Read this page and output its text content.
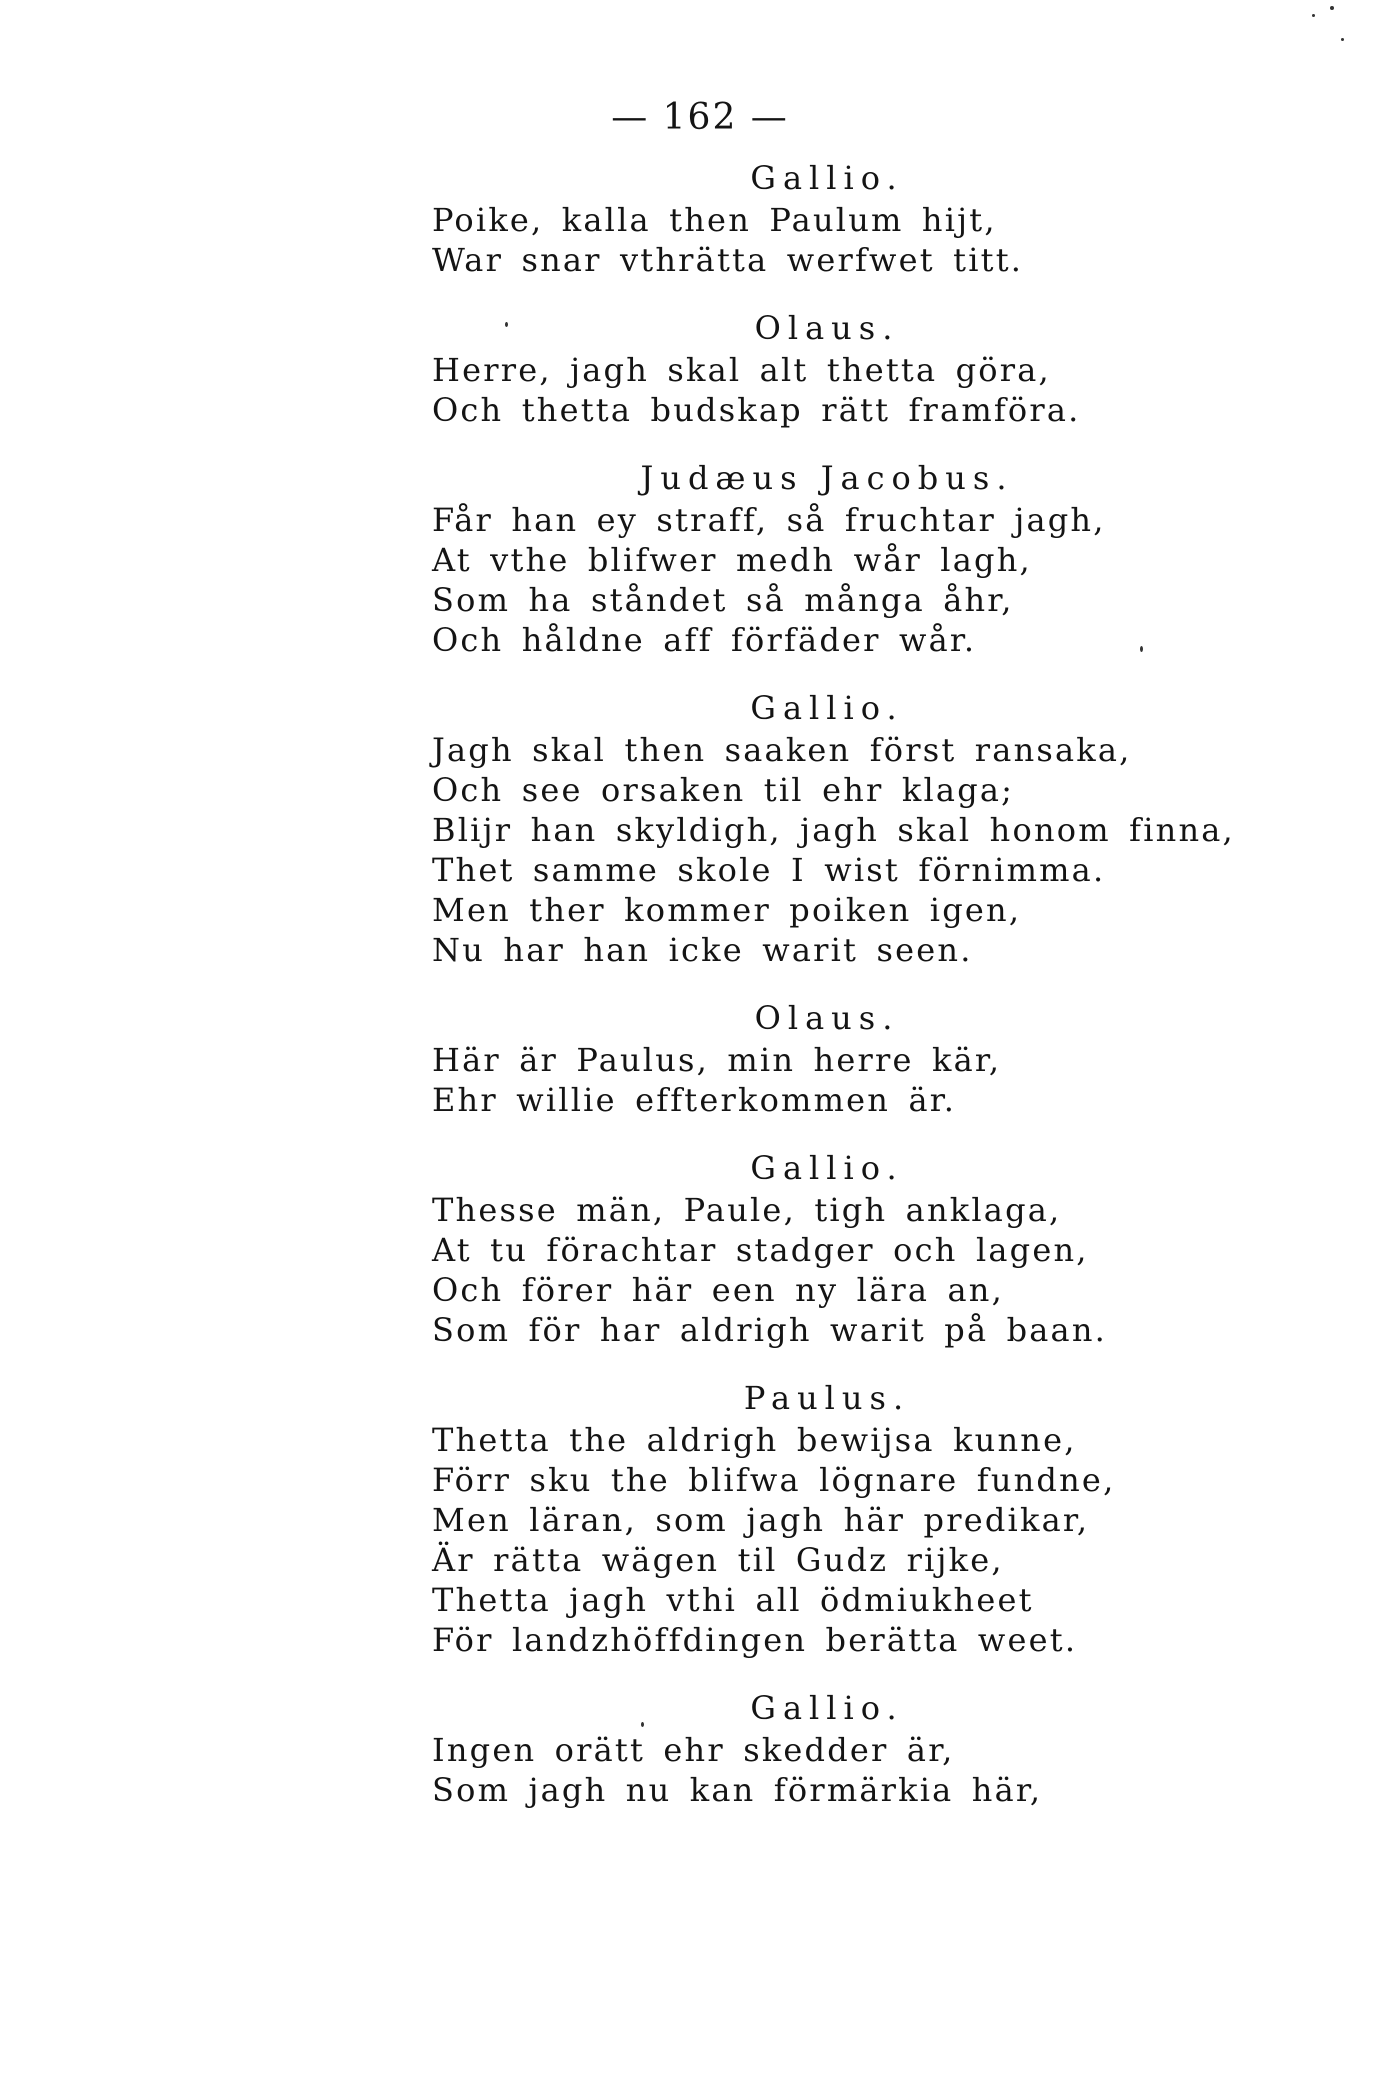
— 162 —
Gallio.
Poike, kalla then Paulum hijt,
War snar vthrätta werfwet titt.
Olaus.
Herre, jagh skal alt thetta göra,
Och thetta budskap rätt framföra.
Judæus Jacobus.
Får han ey straff, så fruchtar jagh,
At vthe blifwer medh wår lagh,
Som ha ståndet så många åhr,
Och håldne aff förfäder wår.
Gallio.
Jagh skal then saaken först ransaka,
Och see orsaken til ehr klaga;
Blijr han skyldigh, jagh skal honom finna,
Thet samme skole I wist förnimma.
Men ther kommer poiken igen,
Nu har han icke warit seen.
Olaus.
Här är Paulus, min herre kär,
Ehr willie effterkommen är.
Gallio.
Thesse män, Paule, tigh anklaga,
At tu förachtar stadger och lagen,
Och förer här een ny lära an,
Som för har aldrigh warit på baan.
Paulus.
Thetta the aldrigh bewijsa kunne,
Förr sku the blifwa lögnare fundne,
Men läran, som jagh här predikar,
Är rätta wägen til Gudz rijke,
Thetta jagh vthi all ödmiukheet
För landzhöffdingen berätta weet.
Gallio.
Ingen orätt ehr skedder är,
Som jagh nu kan förmärkia här,
